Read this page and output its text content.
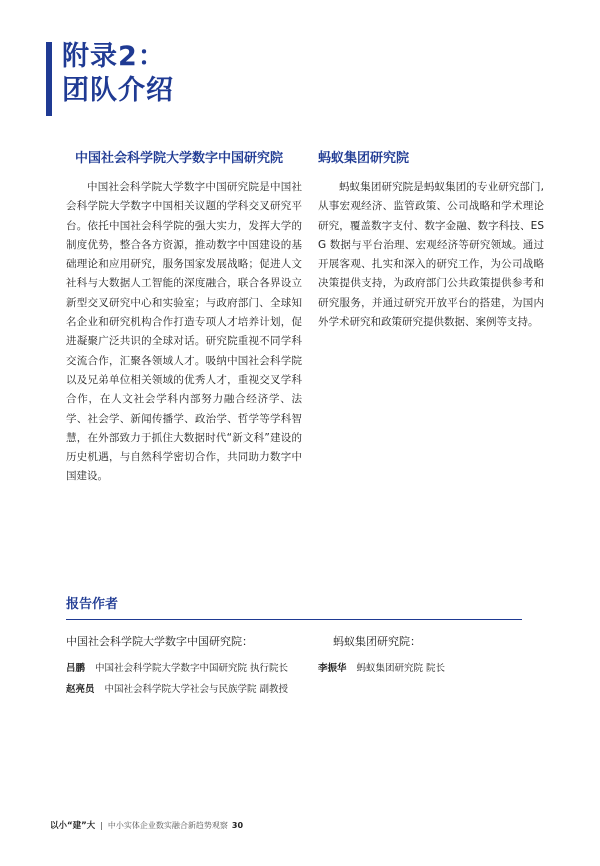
附录2：
团队介绍
中国社会科学院大学数字中国研究院

中国社会科学院大学数字中国研究院是中国社会科学院大学数字中国相关议题的学科交叉研究平台。依托中国社会科学院的强大实力，发挥大学的制度优势，整合各方资源，推动数字中国建设的基础理论和应用研究，服务国家发展战略；促进人文社科与大数据人工智能的深度融合，联合各界设立新型交叉研究中心和实验室；与政府部门、全球知名企业和研究机构合作打造专项人才培养计划，促进凝聚广泛共识的全球对话。研究院重视不同学科交流合作，汇聚各领域人才。吸纳中国社会科学院以及兄弟单位相关领域的优秀人才，重视交叉学科合作，在人文社会学科内部努力融合经济学、法学、社会学、新闻传播学、政治学、哲学等学科智慧，在外部致力于抓住大数据时代“新文科”建设的历史机遇，与自然科学密切合作，共同助力数字中国建设。

蚂蚁集团研究院

蚂蚁集团研究院是蚂蚁集团的专业研究部门,从事宏观经济、监管政策、公司战略和学术理论研究，覆盖数字支付、数字金融、数字科技、ESG 数据与平台治理、宏观经济等研究领域。通过开展客观、扎实和深入的研究工作，为公司战略决策提供支持，为政府部门公共政策提供参考和研究服务，并通过研究开放平台的搭建，为国内外学术研究和政策研究提供数据、案例等支持。

报告作者
中国社会科学院大学数字中国研究院：	蚂蚁集团研究院：
吕鹏 中国社会科学院大学数字中国研究院 执行院长
赵亮员 中国社会科学院大学社会与民族学院 副教授
李振华 蚂蚁集团研究院 院长
以小“建”大 | 中小实体企业数实融合新趋势观察 30
